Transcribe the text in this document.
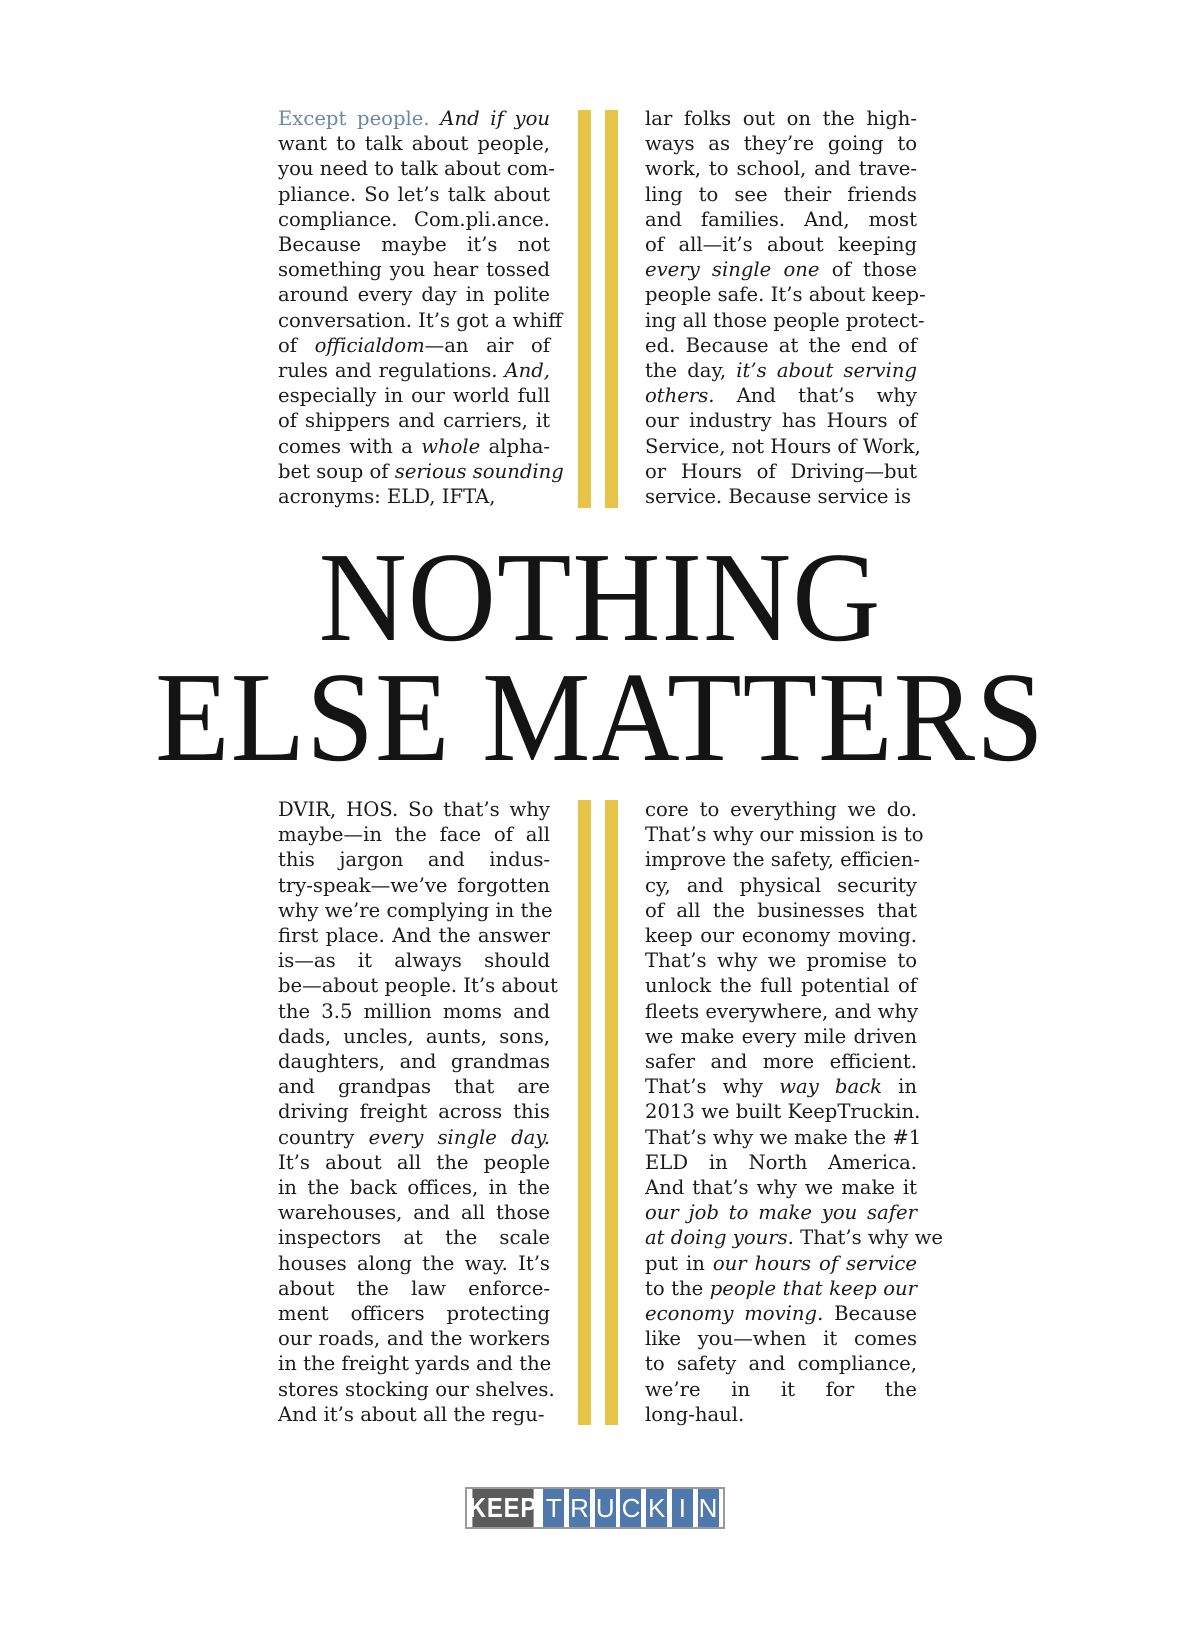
Except people. And if you
want to talk about people,
you need to talk about com-
pliance. So let’s talk about
compliance. Com.pli.ance.
Because maybe it’s not
something you hear tossed
around every day in polite
conversation. It’s got a whiff
of officialdom—an air of
rules and regulations. And,
especially in our world full
of shippers and carriers, it
comes with a whole alpha-
bet soup of serious sounding
acronyms: ELD, IFTA,
lar folks out on the high-
ways as they’re going to
work, to school, and trave-
ling to see their friends
and families. And, most
of all—it’s about keeping
every single one of those
people safe. It’s about keep-
ing all those people protect-
ed. Because at the end of
the day, it’s about serving
others. And that’s why
our industry has Hours of
Service, not Hours of Work,
or Hours of Driving—but
service. Because service is
NOTHING
ELSE MATTERS
DVIR, HOS. So that’s why
maybe—in the face of all
this jargon and indus-
try-speak—we’ve forgotten
why we’re complying in the
first place. And the answer
is—as it always should
be—about people. It’s about
the 3.5 million moms and
dads, uncles, aunts, sons,
daughters, and grandmas
and grandpas that are
driving freight across this
country every single day.
It’s about all the people
in the back offices, in the
warehouses, and all those
inspectors at the scale
houses along the way. It’s
about the law enforce-
ment officers protecting
our roads, and the workers
in the freight yards and the
stores stocking our shelves.
And it’s about all the regu-
core to everything we do.
That’s why our mission is to
improve the safety, efficien-
cy, and physical security
of all the businesses that
keep our economy moving.
That’s why we promise to
unlock the full potential of
fleets everywhere, and why
we make every mile driven
safer and more efficient.
That’s why way back in
2013 we built KeepTruckin.
That’s why we make the #1
ELD in North America.
And that’s why we make it
our job to make you safer
at doing yours. That’s why we
put in our hours of service
to the people that keep our
economy moving. Because
like you—when it comes
to safety and compliance,
we’re in it for the
long-haul.
KEEP T R U C K I N
